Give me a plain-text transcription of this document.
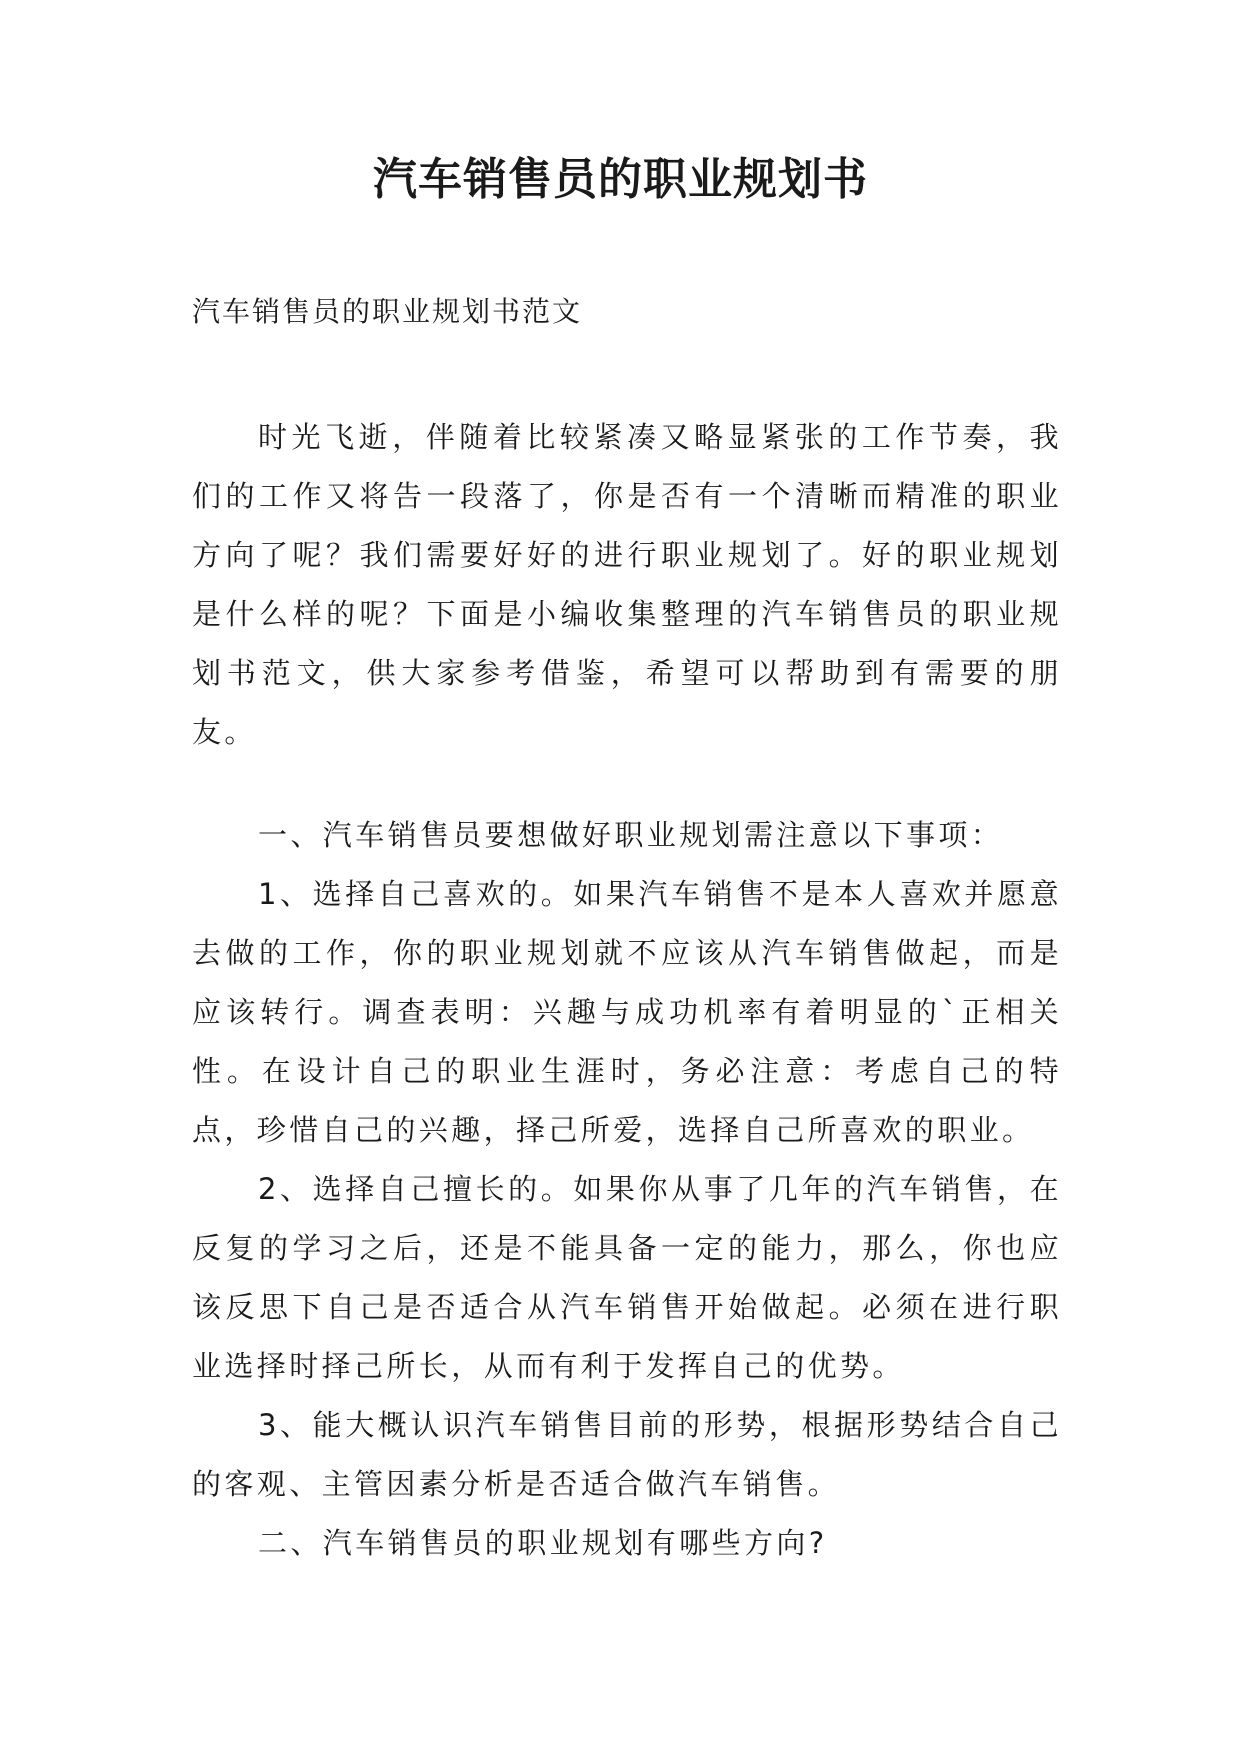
汽车销售员的职业规划书

汽车销售员的职业规划书范文

时光飞逝，伴随着比较紧凑又略显紧张的工作节奏，我们的工作又将告一段落了，你是否有一个清晰而精准的职业方向了呢？我们需要好好的进行职业规划了。好的职业规划是什么样的呢？下面是小编收集整理的汽车销售员的职业规划书范文，供大家参考借鉴，希望可以帮助到有需要的朋友。

一、汽车销售员要想做好职业规划需注意以下事项：

1、选择自己喜欢的。如果汽车销售不是本人喜欢并愿意去做的工作，你的职业规划就不应该从汽车销售做起，而是应该转行。调查表明：兴趣与成功机率有着明显的`正相关性。在设计自己的职业生涯时，务必注意：考虑自己的特点，珍惜自己的兴趣，择己所爱，选择自己所喜欢的职业。

2、选择自己擅长的。如果你从事了几年的汽车销售，在反复的学习之后，还是不能具备一定的能力，那么，你也应该反思下自己是否适合从汽车销售开始做起。必须在进行职业选择时择己所长，从而有利于发挥自己的优势。

3、能大概认识汽车销售目前的形势，根据形势结合自己的客观、主管因素分析是否适合做汽车销售。

二、汽车销售员的职业规划有哪些方向?
